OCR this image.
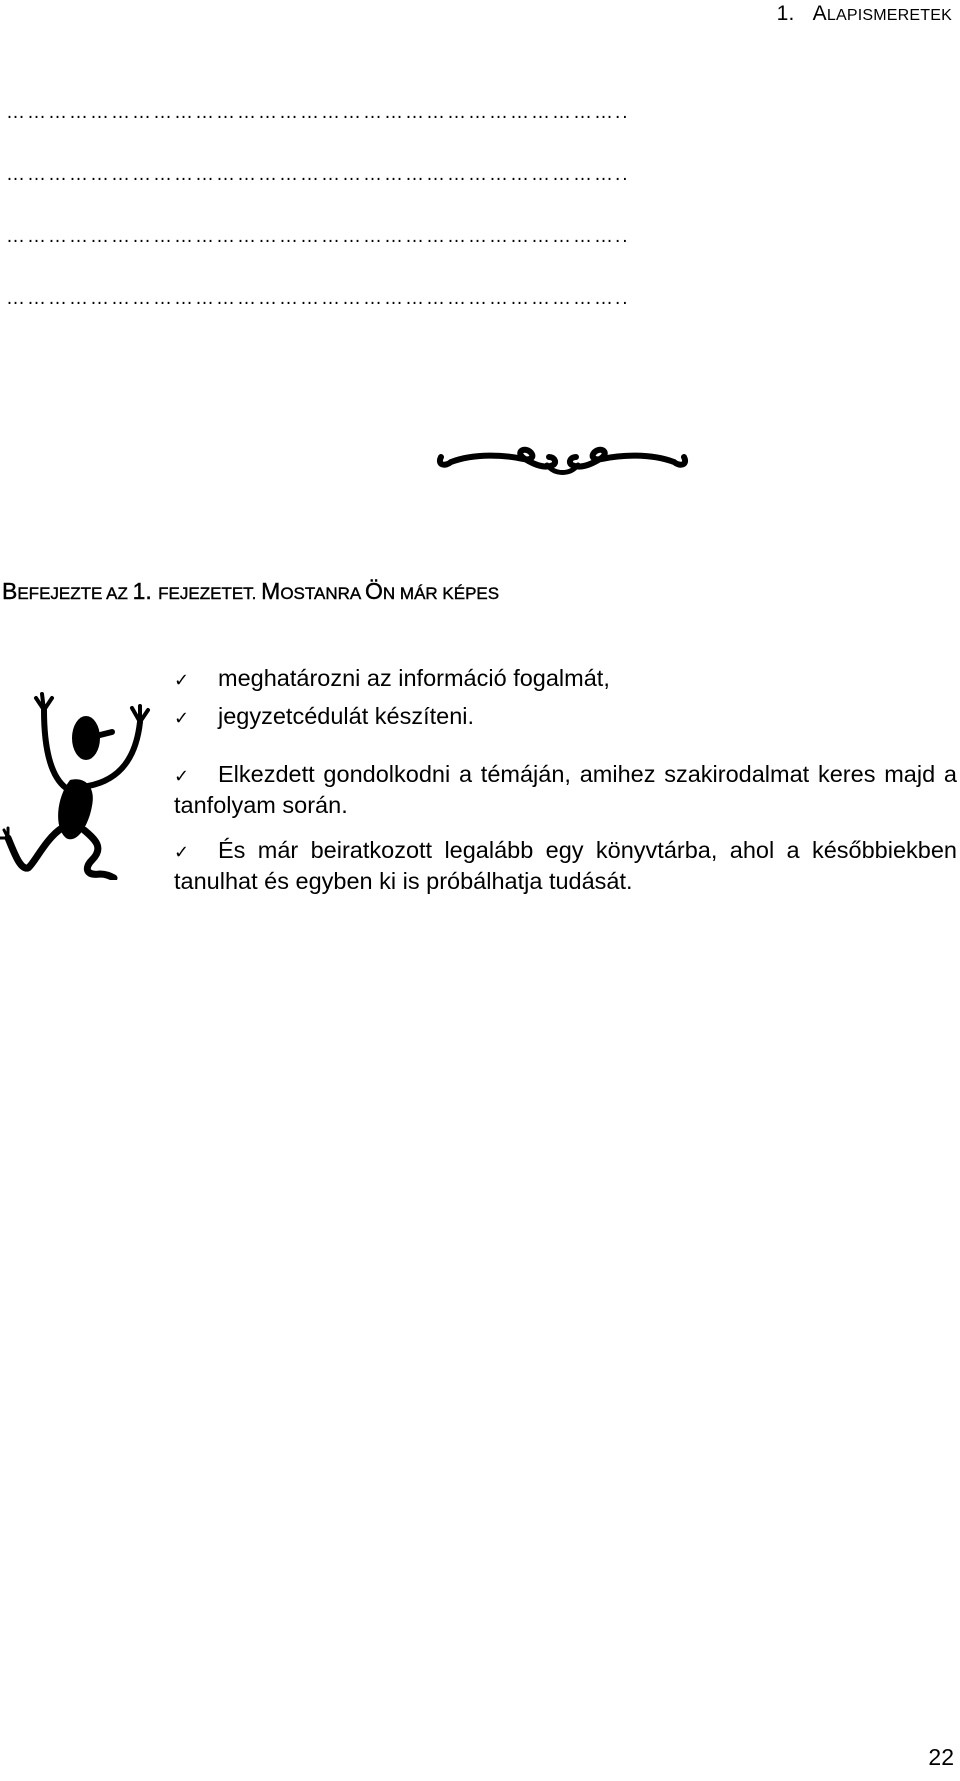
1. ALAPISMERETEK
……………………………………………………………………………..
……………………………………………………………………………..
……………………………………………………………………………..
……………………………………………………………………………..
BEFEJEZTE AZ 1. FEJEZETET. MOSTANRA ÖN MÁR KÉPES

✓ meghatározni az információ fogalmát,

✓ jegyzetcédulát készíteni.

✓ Elkezdett gondolkodni a témáján, amihez szakirodalmat keres majd a tanfolyam során.

✓ És már beiratkozott legalább egy könyvtárba, ahol a későbbiekben tanulhat és egyben ki is próbálhatja tudását.

22
